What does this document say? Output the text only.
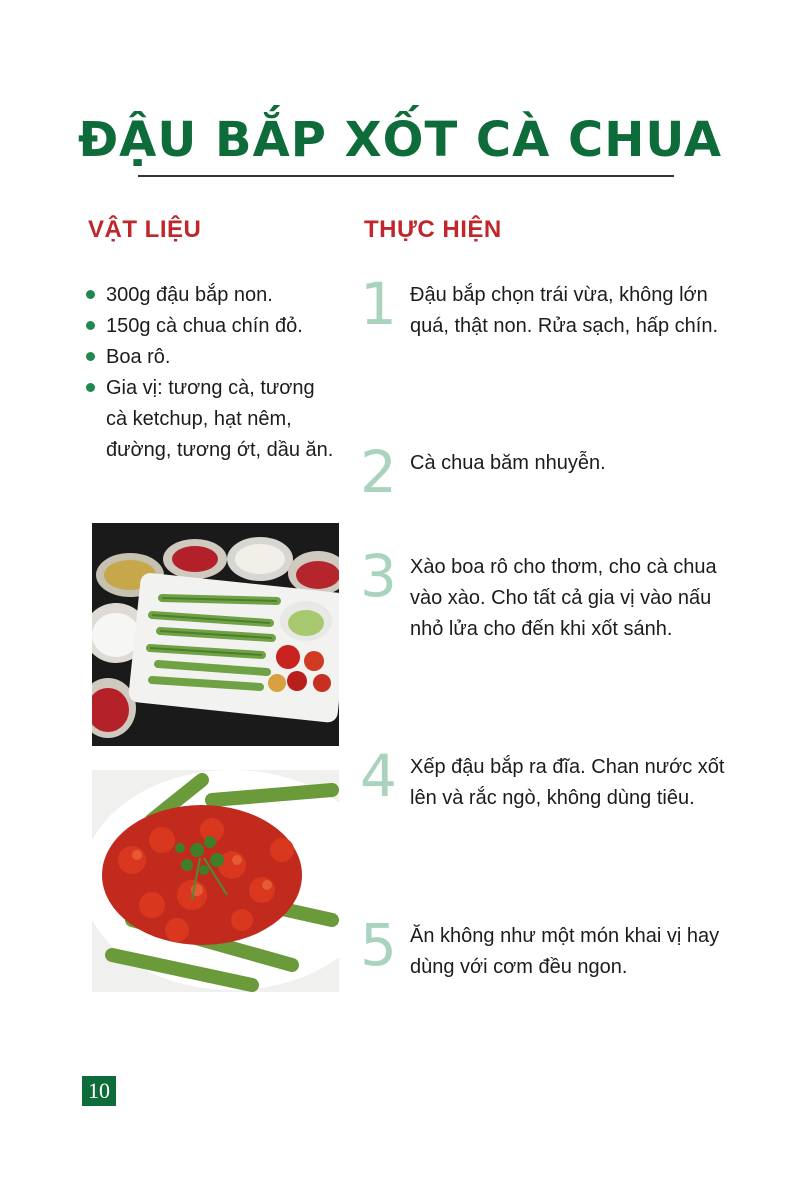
ĐẬU BẮP XỐT CÀ CHUA
VẬT LIỆU	THỰC HIỆN
300g đậu bắp non.
150g cà chua chín đỏ.
Boa rô.
Gia vị: tương cà, tương cà ketchup, hạt nêm, đường, tương ớt, dầu ăn.
1 Đậu bắp chọn trái vừa, không lớn quá, thật non. Rửa sạch, hấp chín.

2 Cà chua băm nhuyễn.

3 Xào boa rô cho thơm, cho cà chua vào xào. Cho tất cả gia vị vào nấu nhỏ lửa cho đến khi xốt sánh.

4 Xếp đậu bắp ra đĩa. Chan nước xốt lên và rắc ngò, không dùng tiêu.

5 Ăn không như một món khai vị hay dùng với cơm đều ngon.

10
